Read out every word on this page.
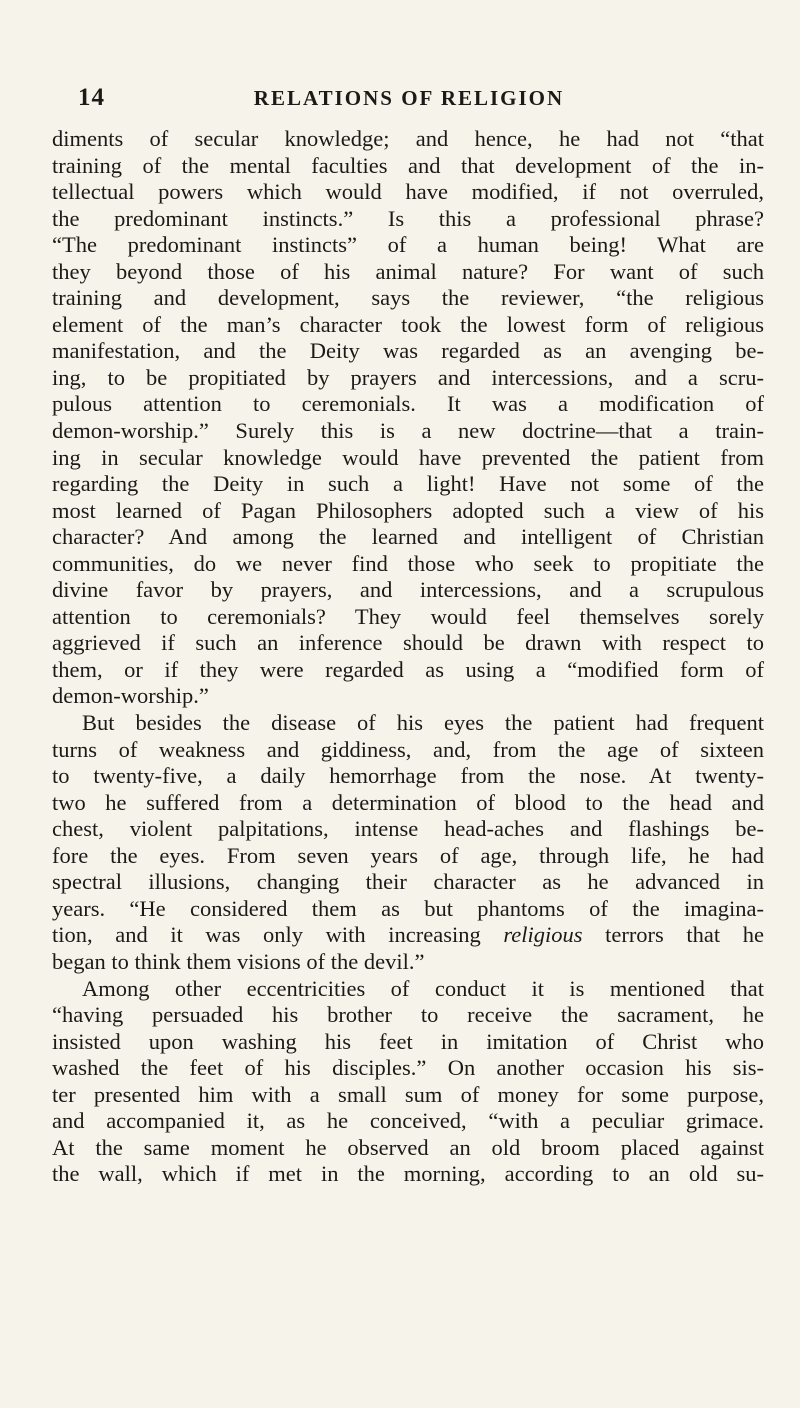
14	RELATIONS OF RELIGION
diments of secular knowledge; and hence, he had not “that
training of the mental faculties and that development of the in-
tellectual powers which would have modified, if not overruled,
the predominant instincts.” Is this a professional phrase?
“The predominant instincts” of a human being! What are
they beyond those of his animal nature? For want of such
training and development, says the reviewer, “the religious
element of the man’s character took the lowest form of religious
manifestation, and the Deity was regarded as an avenging be-
ing, to be propitiated by prayers and intercessions, and a scru-
pulous attention to ceremonials. It was a modification of
demon-worship.” Surely this is a new doctrine—that a train-
ing in secular knowledge would have prevented the patient from
regarding the Deity in such a light! Have not some of the
most learned of Pagan Philosophers adopted such a view of his
character? And among the learned and intelligent of Christian
communities, do we never find those who seek to propitiate the
divine favor by prayers, and intercessions, and a scrupulous
attention to ceremonials? They would feel themselves sorely
aggrieved if such an inference should be drawn with respect to
them, or if they were regarded as using a “modified form of
demon-worship.”
But besides the disease of his eyes the patient had frequent
turns of weakness and giddiness, and, from the age of sixteen
to twenty-five, a daily hemorrhage from the nose. At twenty-
two he suffered from a determination of blood to the head and
chest, violent palpitations, intense head-aches and flashings be-
fore the eyes. From seven years of age, through life, he had
spectral illusions, changing their character as he advanced in
years. “He considered them as but phantoms of the imagina-
tion, and it was only with increasing religious terrors that he
began to think them visions of the devil.”
Among other eccentricities of conduct it is mentioned that
“having persuaded his brother to receive the sacrament, he
insisted upon washing his feet in imitation of Christ who
washed the feet of his disciples.” On another occasion his sis-
ter presented him with a small sum of money for some purpose,
and accompanied it, as he conceived, “with a peculiar grimace.
At the same moment he observed an old broom placed against
the wall, which if met in the morning, according to an old su-
